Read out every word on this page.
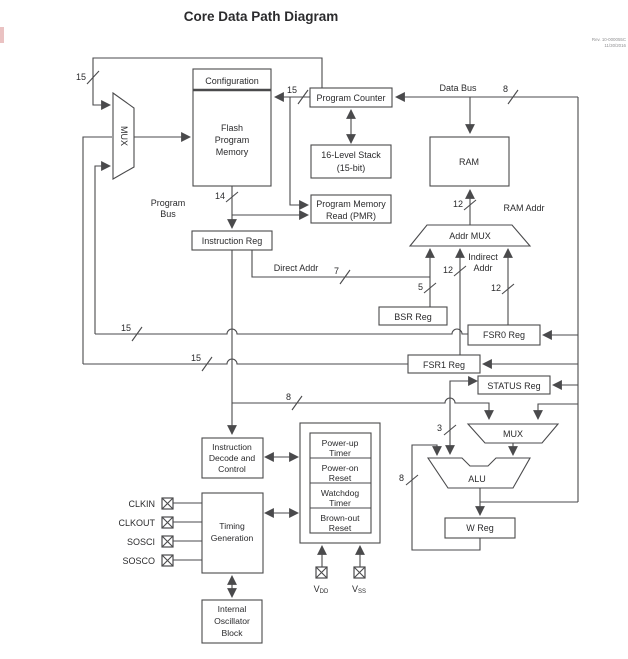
Core Data Path Diagram
Rev. 10-000055C
11/30/2016
Configuration
Flash
Program
Memory
Program Counter
16-Level Stack
(15-bit)
RAM
Program Memory
Read (PMR)
Instruction Reg	Addr MUX
MUX
MUX
BSR Reg
FSR0 Reg
FSR1 Reg
STATUS Reg
ALU
W Reg
Instruction
Decode and
Control
Timing
Generation
Power-up
Timer
Power-on
Reset
Watchdog
Timer
Brown-out
Reset
Internal
Oscillator
Block
Data Bus
Program
Bus
RAM Addr
Direct Addr
Indirect
Addr
15
15	8
14
12
12
12
7
5
15
15
8
3
8
CLKIN
CLKOUT
SOSCI
SOSCO
VDD	VSS
